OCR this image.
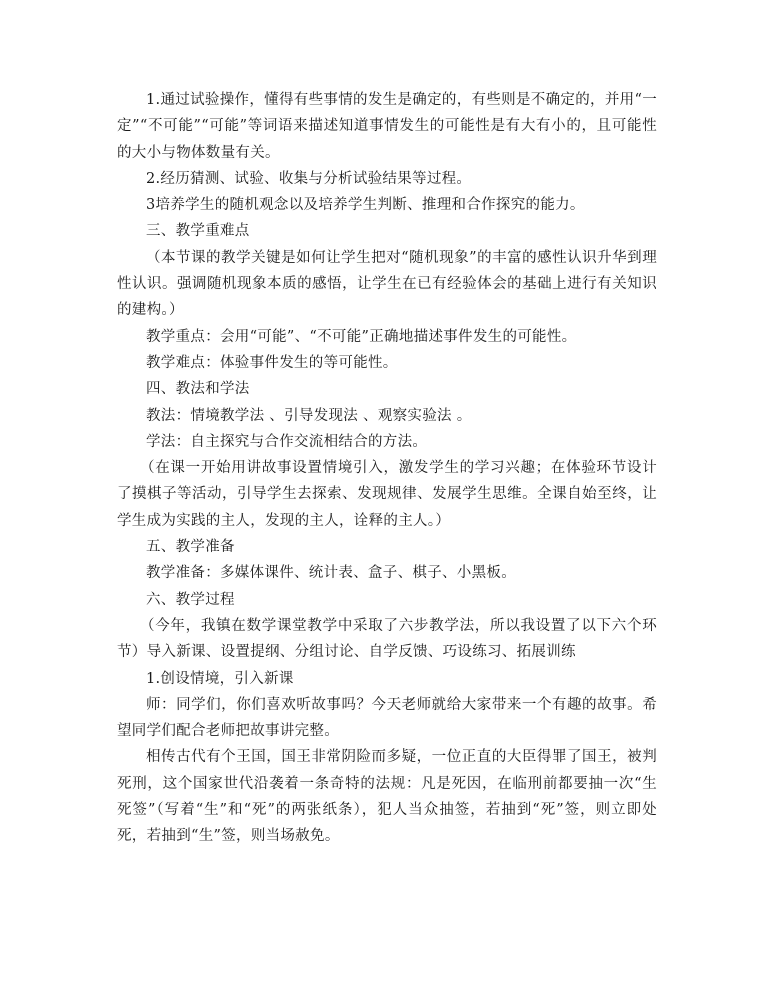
1.通过试验操作，懂得有些事情的发生是确定的，有些则是不确定的，并用“一定”“不可能”“可能”等词语来描述知道事情发生的可能性是有大有小的，且可能性的大小与物体数量有关。

2.经历猜测、试验、收集与分析试验结果等过程。

3培养学生的随机观念以及培养学生判断、推理和合作探究的能力。

三、教学重难点

（本节课的教学关键是如何让学生把对“随机现象”的丰富的感性认识升华到理性认识。强调随机现象本质的感悟，让学生在已有经验体会的基础上进行有关知识的建构。）

教学重点：会用“可能”、“不可能”正确地描述事件发生的可能性。

教学难点：体验事件发生的等可能性。

四、教法和学法

教法：情境教学法 、引导发现法 、观察实验法 。

学法：自主探究与合作交流相结合的方法。

（在课一开始用讲故事设置情境引入，激发学生的学习兴趣；在体验环节设计了摸棋子等活动，引导学生去探索、发现规律、发展学生思维。全课自始至终，让学生成为实践的主人，发现的主人，诠释的主人。）

五、教学准备

教学准备：多媒体课件、统计表、盒子、棋子、小黑板。

六、教学过程

（今年，我镇在数学课堂教学中采取了六步教学法，所以我设置了以下六个环节）导入新课、设置提纲、分组讨论、自学反馈、巧设练习、拓展训练

1.创设情境，引入新课

师：同学们，你们喜欢听故事吗？今天老师就给大家带来一个有趣的故事。希望同学们配合老师把故事讲完整。

相传古代有个王国，国王非常阴险而多疑，一位正直的大臣得罪了国王，被判死刑，这个国家世代沿袭着一条奇特的法规：凡是死因，在临刑前都要抽一次“生死签”（写着“生”和“死”的两张纸条），犯人当众抽签，若抽到“死”签，则立即处死，若抽到“生”签，则当场赦免。
